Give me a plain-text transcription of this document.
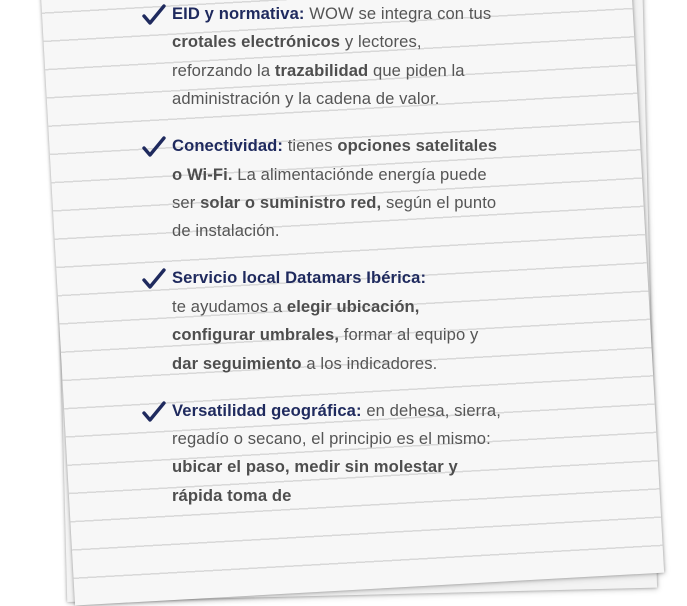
EID y normativa: WOW se integra con tus crotales electrónicos y lectores, reforzando la trazabilidad que piden la administración y la cadena de valor.
Conectividad: tienes opciones satelitales o Wi-Fi. La alimentaciónde energía puede ser solar o suministro red, según el punto de instalación.
Servicio local Datamars Ibérica:
te ayudamos a elegir ubicación, configurar umbrales, formar al equipo y dar seguimiento a los indicadores.
Versatilidad geográfica: en dehesa, sierra, regadío o secano, el principio es el mismo: ubicar el paso, medir sin molestar y rápida toma de
